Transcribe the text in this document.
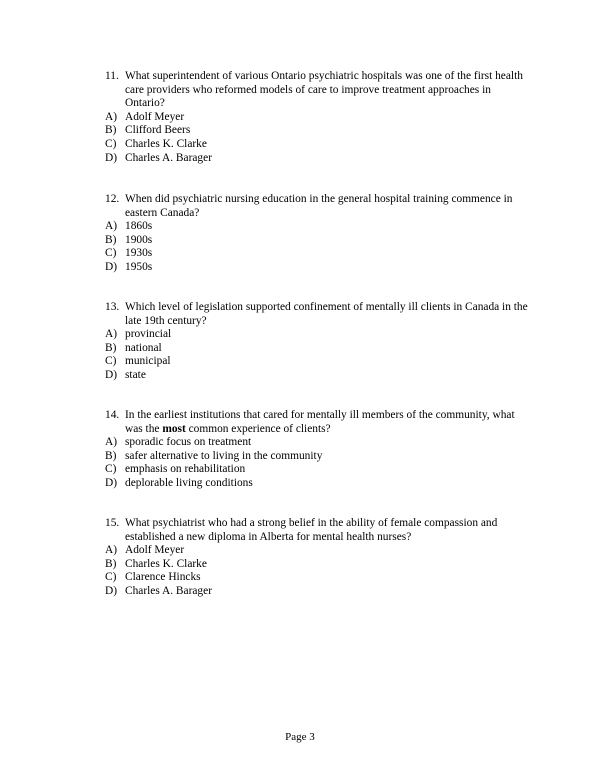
11. What superintendent of various Ontario psychiatric hospitals was one of the first health
care providers who reformed models of care to improve treatment approaches in
Ontario?
A) Adolf Meyer
B) Clifford Beers
C) Charles K. Clarke
D) Charles A. Barager
12. When did psychiatric nursing education in the general hospital training commence in
eastern Canada?
A) 1860s
B) 1900s
C) 1930s
D) 1950s
13. Which level of legislation supported confinement of mentally ill clients in Canada in the
late 19th century?
A) provincial
B) national
C) municipal
D) state
14. In the earliest institutions that cared for mentally ill members of the community, what
was the most common experience of clients?
A) sporadic focus on treatment
B) safer alternative to living in the community
C) emphasis on rehabilitation
D) deplorable living conditions
15. What psychiatrist who had a strong belief in the ability of female compassion and
established a new diploma in Alberta for mental health nurses?
A) Adolf Meyer
B) Charles K. Clarke
C) Clarence Hincks
D) Charles A. Barager
Page 3
